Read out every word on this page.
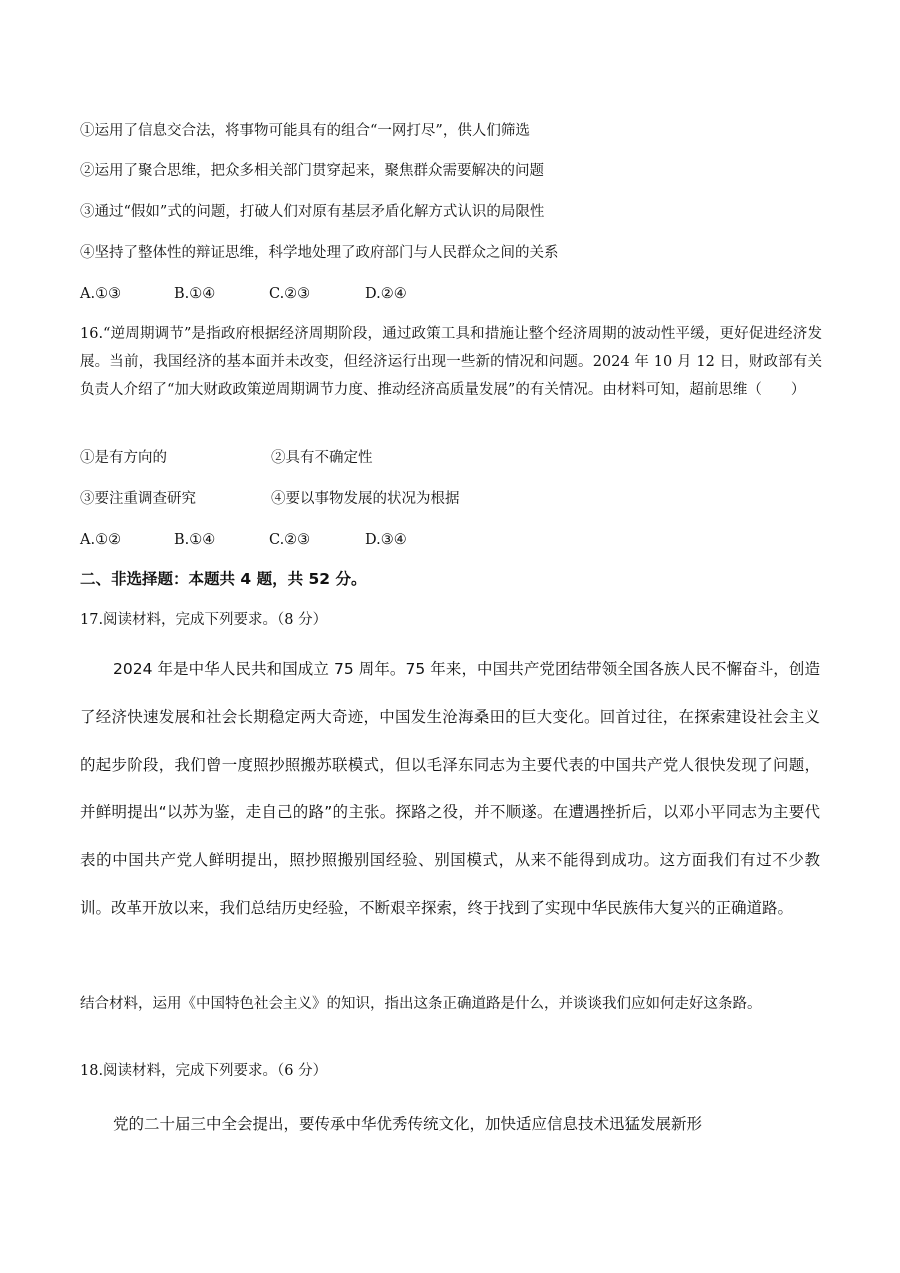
①运用了信息交合法，将事物可能具有的组合“一网打尽”，供人们筛选
②运用了聚合思维，把众多相关部门贯穿起来，聚焦群众需要解决的问题
③通过“假如”式的问题，打破人们对原有基层矛盾化解方式认识的局限性
④坚持了整体性的辩证思维，科学地处理了政府部门与人民群众之间的关系
A.①③	B.①④	C.②③	D.②④
16.“逆周期调节”是指政府根据经济周期阶段，通过政策工具和措施让整个经济周期的波动性平缓，更好促进经济发展。当前，我国经济的基本面并未改变，但经济运行出现一些新的情况和问题。2024 年 10 月 12 日，财政部有关负责人介绍了“加大财政政策逆周期调节力度、推动经济高质量发展”的有关情况。由材料可知，超前思维（　　）
①是有方向的	②具有不确定性
③要注重调查研究	④要以事物发展的状况为根据
A.①②	B.①④	C.②③	D.③④
二、非选择题：本题共 4 题，共 52 分。
17.阅读材料，完成下列要求。（8 分）

2024 年是中华人民共和国成立 75 周年。75 年来，中国共产党团结带领全国各族人民不懈奋斗，创造了经济快速发展和社会长期稳定两大奇迹，中国发生沧海桑田的巨大变化。回首过往，在探索建设社会主义的起步阶段，我们曾一度照抄照搬苏联模式，但以毛泽东同志为主要代表的中国共产党人很快发现了问题，并鲜明提出“以苏为鉴，走自己的路”的主张。探路之役，并不顺遂。在遭遇挫折后，以邓小平同志为主要代表的中国共产党人鲜明提出，照抄照搬别国经验、别国模式，从来不能得到成功。这方面我们有过不少教训。改革开放以来，我们总结历史经验，不断艰辛探索，终于找到了实现中华民族伟大复兴的正确道路。

结合材料，运用《中国特色社会主义》的知识，指出这条正确道路是什么，并谈谈我们应如何走好这条路。
18.阅读材料，完成下列要求。（6 分）
党的二十届三中全会提出，要传承中华优秀传统文化，加快适应信息技术迅猛发展新形
